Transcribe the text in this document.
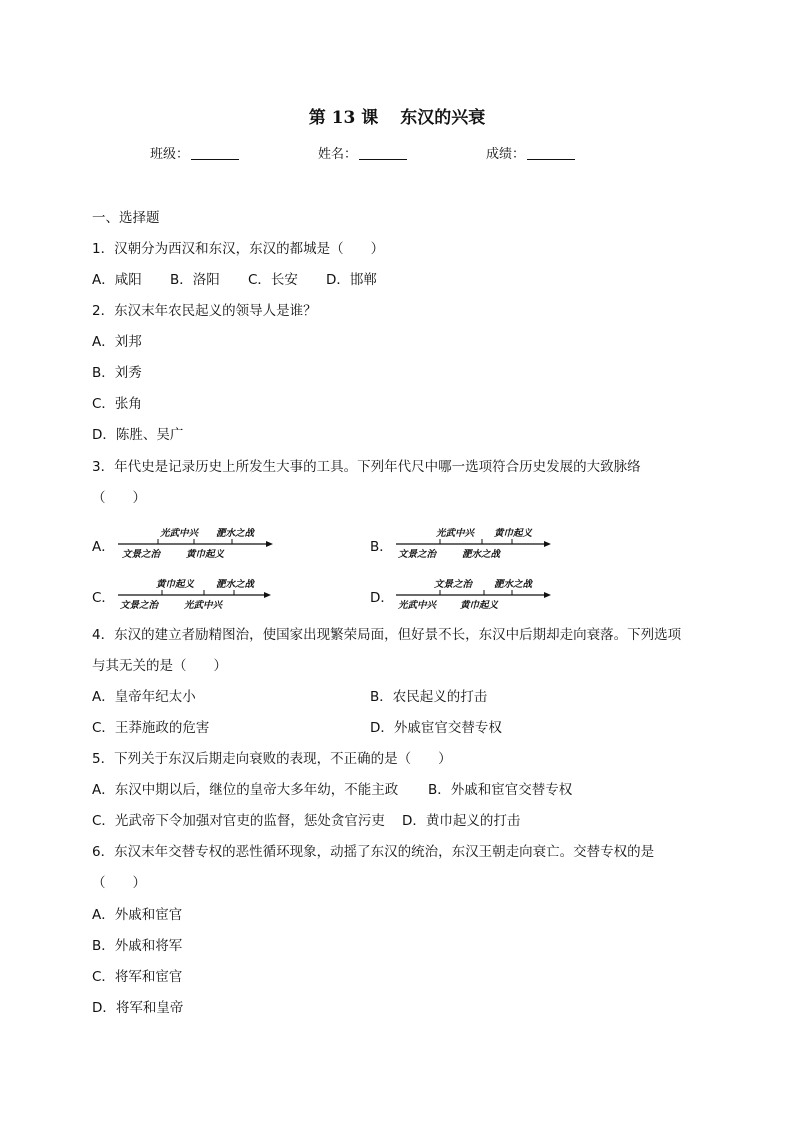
第 13 课 东汉的兴衰
班级：	姓名：	成绩：
一、选择题
1．汉朝分为西汉和东汉，东汉的都城是（　　）
A．咸阳 B．洛阳 C．长安 D．邯郸
2．东汉末年农民起义的领导人是谁？
A．刘邦
B．刘秀
C．张角
D．陈胜、吴广
3．年代史是记录历史上所发生大事的工具。下列年代尺中哪一选项符合历史发展的大致脉络
（　　）
A．
光武中兴 淝水之战
文景之治	黄巾起义	B．
光武中兴 黄巾起义
文景之治	淝水之战
C．
黄巾起义 淝水之战
文景之治	光武中兴	D．
文景之治 淝水之战
光武中兴	黄巾起义
4．东汉的建立者励精图治，使国家出现繁荣局面，但好景不长，东汉中后期却走向衰落。下列选项
与其无关的是（　　）
A．皇帝年纪太小	B．农民起义的打击
C．王莽施政的危害	D．外戚宦官交替专权
5．下列关于东汉后期走向衰败的表现，不正确的是（　　）
A．东汉中期以后，继位的皇帝大多年幼，不能主政 B．外戚和宦官交替专权
C．光武帝下令加强对官吏的监督，惩处贪官污吏 D．黄巾起义的打击
6．东汉末年交替专权的恶性循环现象，动摇了东汉的统治，东汉王朝走向衰亡。交替专权的是
（　　）
A．外戚和宦官
B．外戚和将军
C．将军和宦官
D．将军和皇帝
